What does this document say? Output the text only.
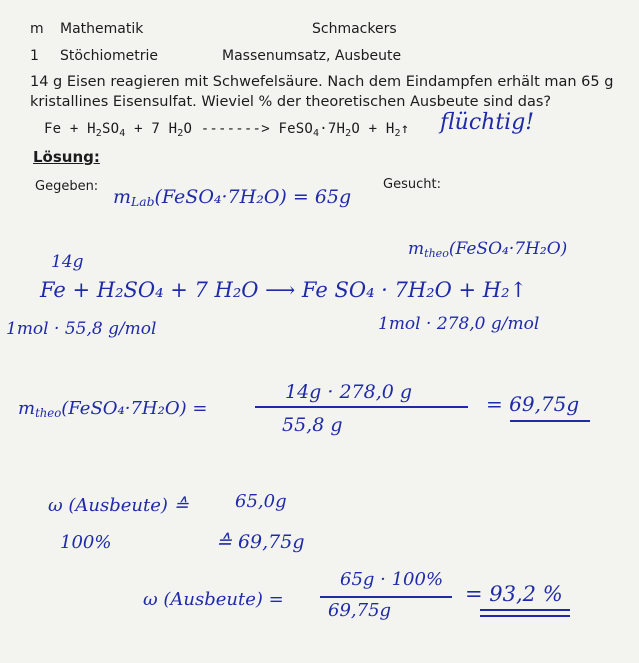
m Mathematik	Schmackers
1 Stöchiometrie	Massenumsatz, Ausbeute
14 g Eisen reagieren mit Schwefelsäure. Nach dem Eindampfen erhält man 65 g
kristallines Eisensulfat. Wieviel % der theoretischen Ausbeute sind das?
$Fe + H_2SO_4 + 7$ $H_2O$ -------> $FeSO_4\cdot 7H_2O$ + $H_2↑$
Lösung:
Gegeben:	Gesucht:
flüchtig!
$m_{Lab}(FeSO_4\cdot 7H_2O) = 65g$
$m_{theo}(FeSO_4\cdot 7H_2O)$
14g
Fe + H₂SO₄ + 7 H₂O ⟶ Fe SO₄ · 7H₂O + H₂↑
1mol · 55,8 g/mol	1mol · 278,0 g/mol
$m_{theo}(FeSO_4\cdot 7H_2O)$ =
14g · 278,0 g
55,8 g
= 69,75g
ω (Ausbeute) ≙	65,0g
100%	≙ 69,75g
ω (Ausbeute) =
65g · 100%
69,75g
= 93,2 %
